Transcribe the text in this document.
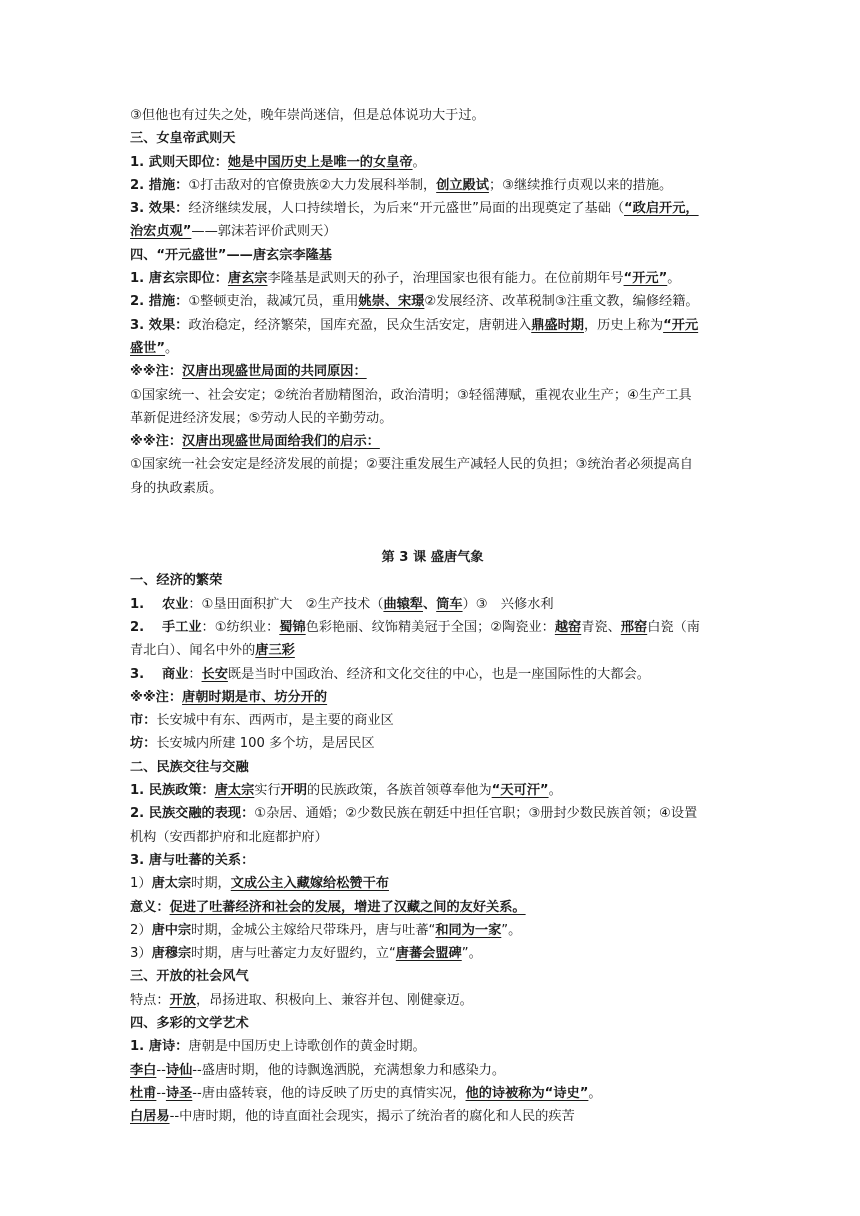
③但他也有过失之处，晚年崇尚迷信，但是总体说功大于过。
三、女皇帝武则天
1. 武则天即位：她是中国历史上是唯一的女皇帝。
2. 措施：①打击敌对的官僚贵族②大力发展科举制，创立殿试；③继续推行贞观以来的措施。
3. 效果：经济继续发展，人口持续增长，为后来“开元盛世”局面的出现奠定了基础（“政启开元，
治宏贞观”——郭沫若评价武则天）
四、“开元盛世”——唐玄宗李隆基
1. 唐玄宗即位：唐玄宗李隆基是武则天的孙子，治理国家也很有能力。在位前期年号“开元”。
2. 措施：①整顿吏治，裁减冗员，重用姚崇、宋璟②发展经济、改革税制③注重文教，编修经籍。
3. 效果：政治稳定，经济繁荣，国库充盈，民众生活安定，唐朝进入鼎盛时期，历史上称为“开元
盛世”。
※※注：汉唐出现盛世局面的共同原因：
①国家统一、社会安定；②统治者励精图治，政治清明；③轻徭薄赋，重视农业生产；④生产工具
革新促进经济发展；⑤劳动人民的辛勤劳动。
※※注：汉唐出现盛世局面给我们的启示：
①国家统一社会安定是经济发展的前提；②要注重发展生产减轻人民的负担；③统治者必须提高自
身的执政素质。
第 3 课 盛唐气象
一、经济的繁荣
1.　 农业：①垦田面积扩大　②生产技术（曲辕犁、筒车）③　兴修水利
2.　 手工业：①纺织业：蜀锦色彩艳丽、纹饰精美冠于全国；②陶瓷业：越窑青瓷、邢窑白瓷（南
青北白）、闻名中外的唐三彩
3.　 商业：长安既是当时中国政治、经济和文化交往的中心，也是一座国际性的大都会。
※※注：唐朝时期是市、坊分开的
市：长安城中有东、西两市，是主要的商业区
坊：长安城内所建 100 多个坊，是居民区
二、民族交往与交融
1. 民族政策：唐太宗实行开明的民族政策，各族首领尊奉他为“天可汗”。
2. 民族交融的表现：①杂居、通婚；②少数民族在朝廷中担任官职；③册封少数民族首领；④设置
机构（安西都护府和北庭都护府）
3. 唐与吐蕃的关系：
1）唐太宗时期，文成公主入藏嫁给松赞干布
意义：促进了吐蕃经济和社会的发展，增进了汉藏之间的友好关系。
2）唐中宗时期，金城公主嫁给尺带珠丹，唐与吐蕃“和同为一家”。
3）唐穆宗时期，唐与吐蕃定力友好盟约，立“唐蕃会盟碑”。
三、开放的社会风气
特点：开放，昂扬进取、积极向上、兼容并包、刚健豪迈。
四、多彩的文学艺术
1. 唐诗：唐朝是中国历史上诗歌创作的黄金时期。
李白--诗仙--盛唐时期，他的诗飘逸洒脱，充满想象力和感染力。
杜甫--诗圣--唐由盛转衰，他的诗反映了历史的真情实况，他的诗被称为“诗史”。
白居易--中唐时期，他的诗直面社会现实，揭示了统治者的腐化和人民的疾苦
